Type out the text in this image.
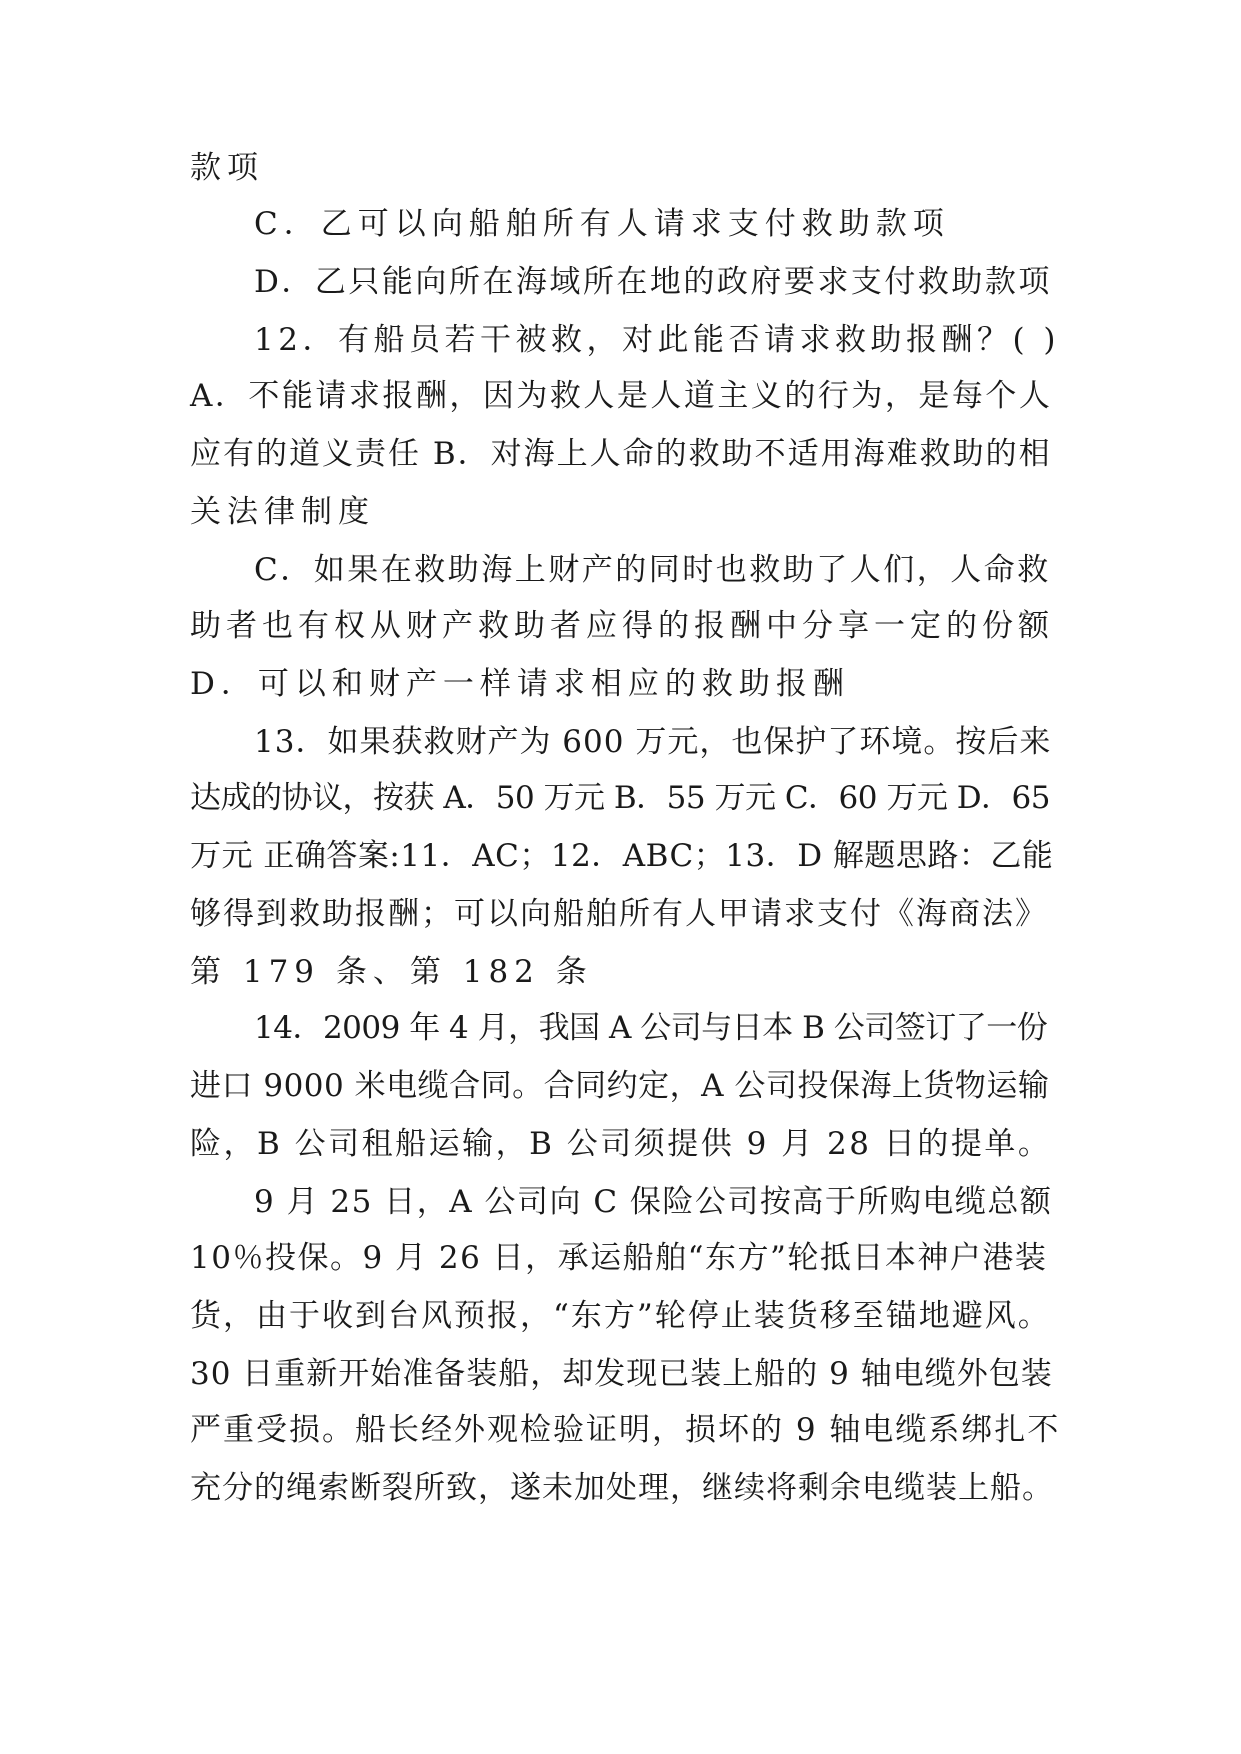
款项
C．乙可以向船舶所有人请求支付救助款项
D．乙只能向所在海域所在地的政府要求支付救助款项
12．有船员若干被救，对此能否请求救助报酬？( )
A．不能请求报酬，因为救人是人道主义的行为，是每个人
应有的道义责任 B．对海上人命的救助不适用海难救助的相
关法律制度
C．如果在救助海上财产的同时也救助了人们，人命救
助者也有权从财产救助者应得的报酬中分享一定的份额
D．可以和财产一样请求相应的救助报酬
13．如果获救财产为 600 万元，也保护了环境。按后来
达成的协议，按获 A．50 万元 B．55 万元 C．60 万元 D．65
万元 正确答案:11．AC；12．ABC；13．D 解题思路：乙能
够得到救助报酬；可以向船舶所有人甲请求支付《海商法》
第 179 条、第 182 条
14．2009 年 4 月，我国 A 公司与日本 B 公司签订了一份
进口 9000 米电缆合同。合同约定，A 公司投保海上货物运输
险，B 公司租船运输，B 公司须提供 9 月 28 日的提单。
9 月 25 日，A 公司向 C 保险公司按高于所购电缆总额
10％投保。9 月 26 日，承运船舶“东方”轮抵日本神户港装
货，由于收到台风预报，“东方”轮停止装货移至锚地避风。
30 日重新开始准备装船，却发现已装上船的 9 轴电缆外包装
严重受损。船长经外观检验证明，损坏的 9 轴电缆系绑扎不
充分的绳索断裂所致，遂未加处理，继续将剩余电缆装上船。
